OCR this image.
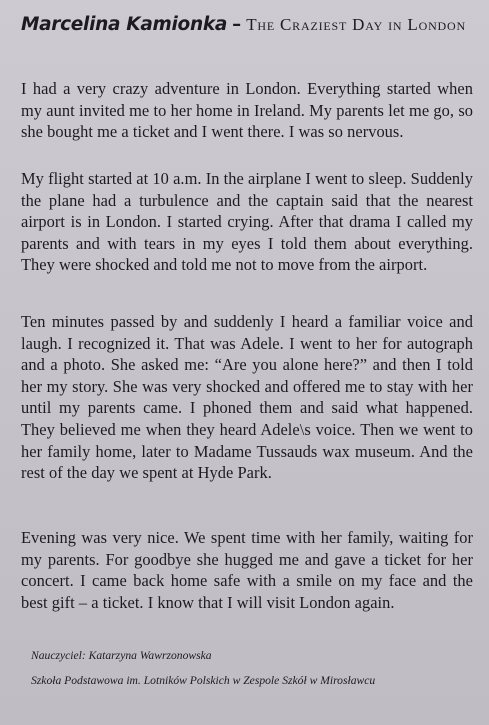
Marcelina Kamionka – The Craziest Day in London

I had a very crazy adventure in London. Everything started when my aunt invited me to her home in Ireland. My parents let me go, so she bought me a ticket and I went there. I was so nervous.

My flight started at 10 a.m. In the airplane I went to sleep. Suddenly the plane had a turbulence and the captain said that the nearest airport is in London. I started crying. After that drama I called my parents and with tears in my eyes I told them about everything. They were shocked and told me not to move from the airport.

Ten minutes passed by and suddenly I heard a familiar voice and laugh. I recognized it. That was Adele. I went to her for autograph and a photo. She asked me: “Are you alone here?” and then I told her my story. She was very shocked and offered me to stay with her until my parents came. I phoned them and said what happened. They believed me when they heard Adele\s voice. Then we went to her family home, later to Madame Tussauds wax museum. And the rest of the day we spent at Hyde Park.

Evening was very nice. We spent time with her family, waiting for my parents. For goodbye she hugged me and gave a ticket for her concert. I came back home safe with a smile on my face and the best gift – a ticket. I know that I will visit London again.

Nauczyciel: Katarzyna Wawrzonowska
Szkoła Podstawowa im. Lotników Polskich w Zespole Szkół w Mirosławcu
